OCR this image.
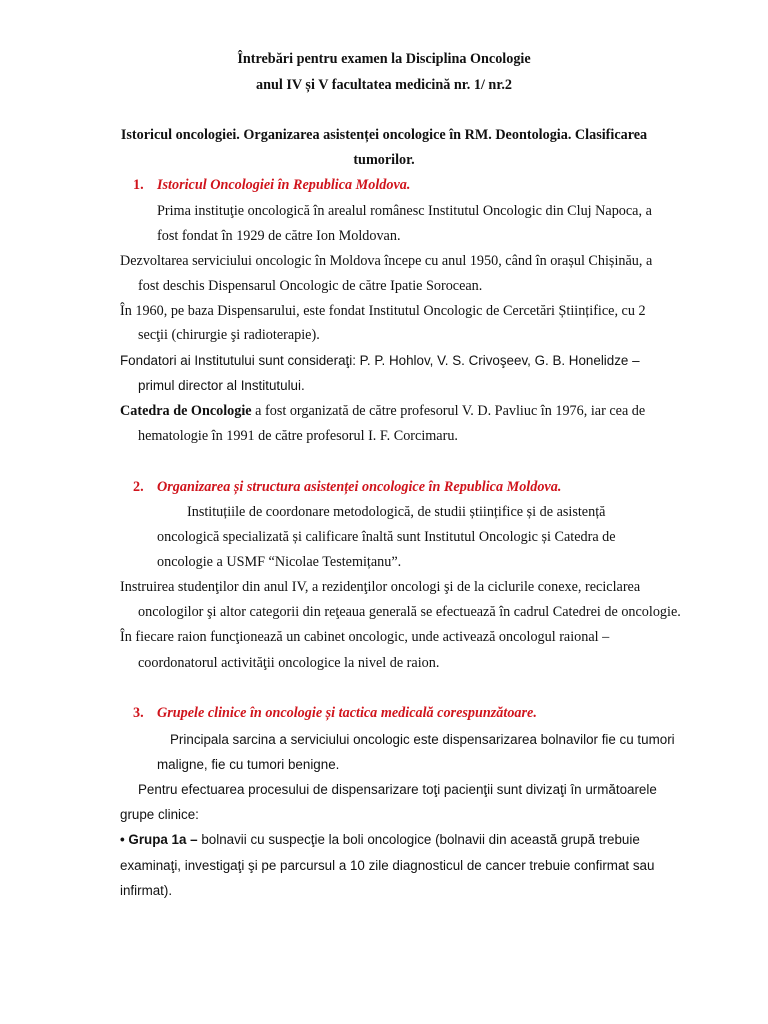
Întrebări pentru examen la Disciplina Oncologie
anul IV și V facultatea medicină nr. 1/ nr.2
Istoricul oncologiei. Organizarea asistenței oncologice în RM. Deontologia. Clasificarea
tumorilor.
1. Istoricul Oncologiei în Republica Moldova.
Prima instituţie oncologică în arealul românesc Institutul Oncologic din Cluj Napoca, a
fost fondat în 1929 de către Ion Moldovan.
Dezvoltarea serviciului oncologic în Moldova începe cu anul 1950, când în orașul Chișinău, a
fost deschis Dispensarul Oncologic de către Ipatie Sorocean.
În 1960, pe baza Dispensarului, este fondat Institutul Oncologic de Cercetări Științifice, cu 2
secţii (chirurgie şi radioterapie).
Fondatori ai Institutului sunt consideraţi: P. P. Hohlov, V. S. Crivoşeev, G. B. Honelidze –
primul director al Institutului.
Catedra de Oncologie a fost organizată de către profesorul V. D. Pavliuc în 1976, iar cea de
hematologie în 1991 de către profesorul I. F. Corcimaru.
2. Organizarea și structura asistenței oncologice în Republica Moldova.
Instituțiile de coordonare metodologică, de studii științifice și de asistență
oncologică specializată și calificare înaltă sunt Institutul Oncologic și Catedra de
oncologie a USMF “Nicolae Testemițanu”.
Instruirea studenţilor din anul IV, a rezidenţilor oncologi şi de la ciclurile conexe, reciclarea
oncologilor şi altor categorii din reţeaua generală se efectuează în cadrul Catedrei de oncologie.
În fiecare raion funcţionează un cabinet oncologic, unde activează oncologul raional –
coordonatorul activităţii oncologice la nivel de raion.
3. Grupele clinice în oncologie și tactica medicală corespunzătoare.
Principala sarcina a serviciului oncologic este dispensarizarea bolnavilor fie cu tumori
maligne, fie cu tumori benigne.
Pentru efectuarea procesului de dispensarizare toţi pacienţii sunt divizaţi în următoarele
grupe clinice:
• Grupa 1a – bolnavii cu suspecţie la boli oncologice (bolnavii din această grupă trebuie
examinaţi, investigaţi şi pe parcursul a 10 zile diagnosticul de cancer trebuie confirmat sau
infirmat).
